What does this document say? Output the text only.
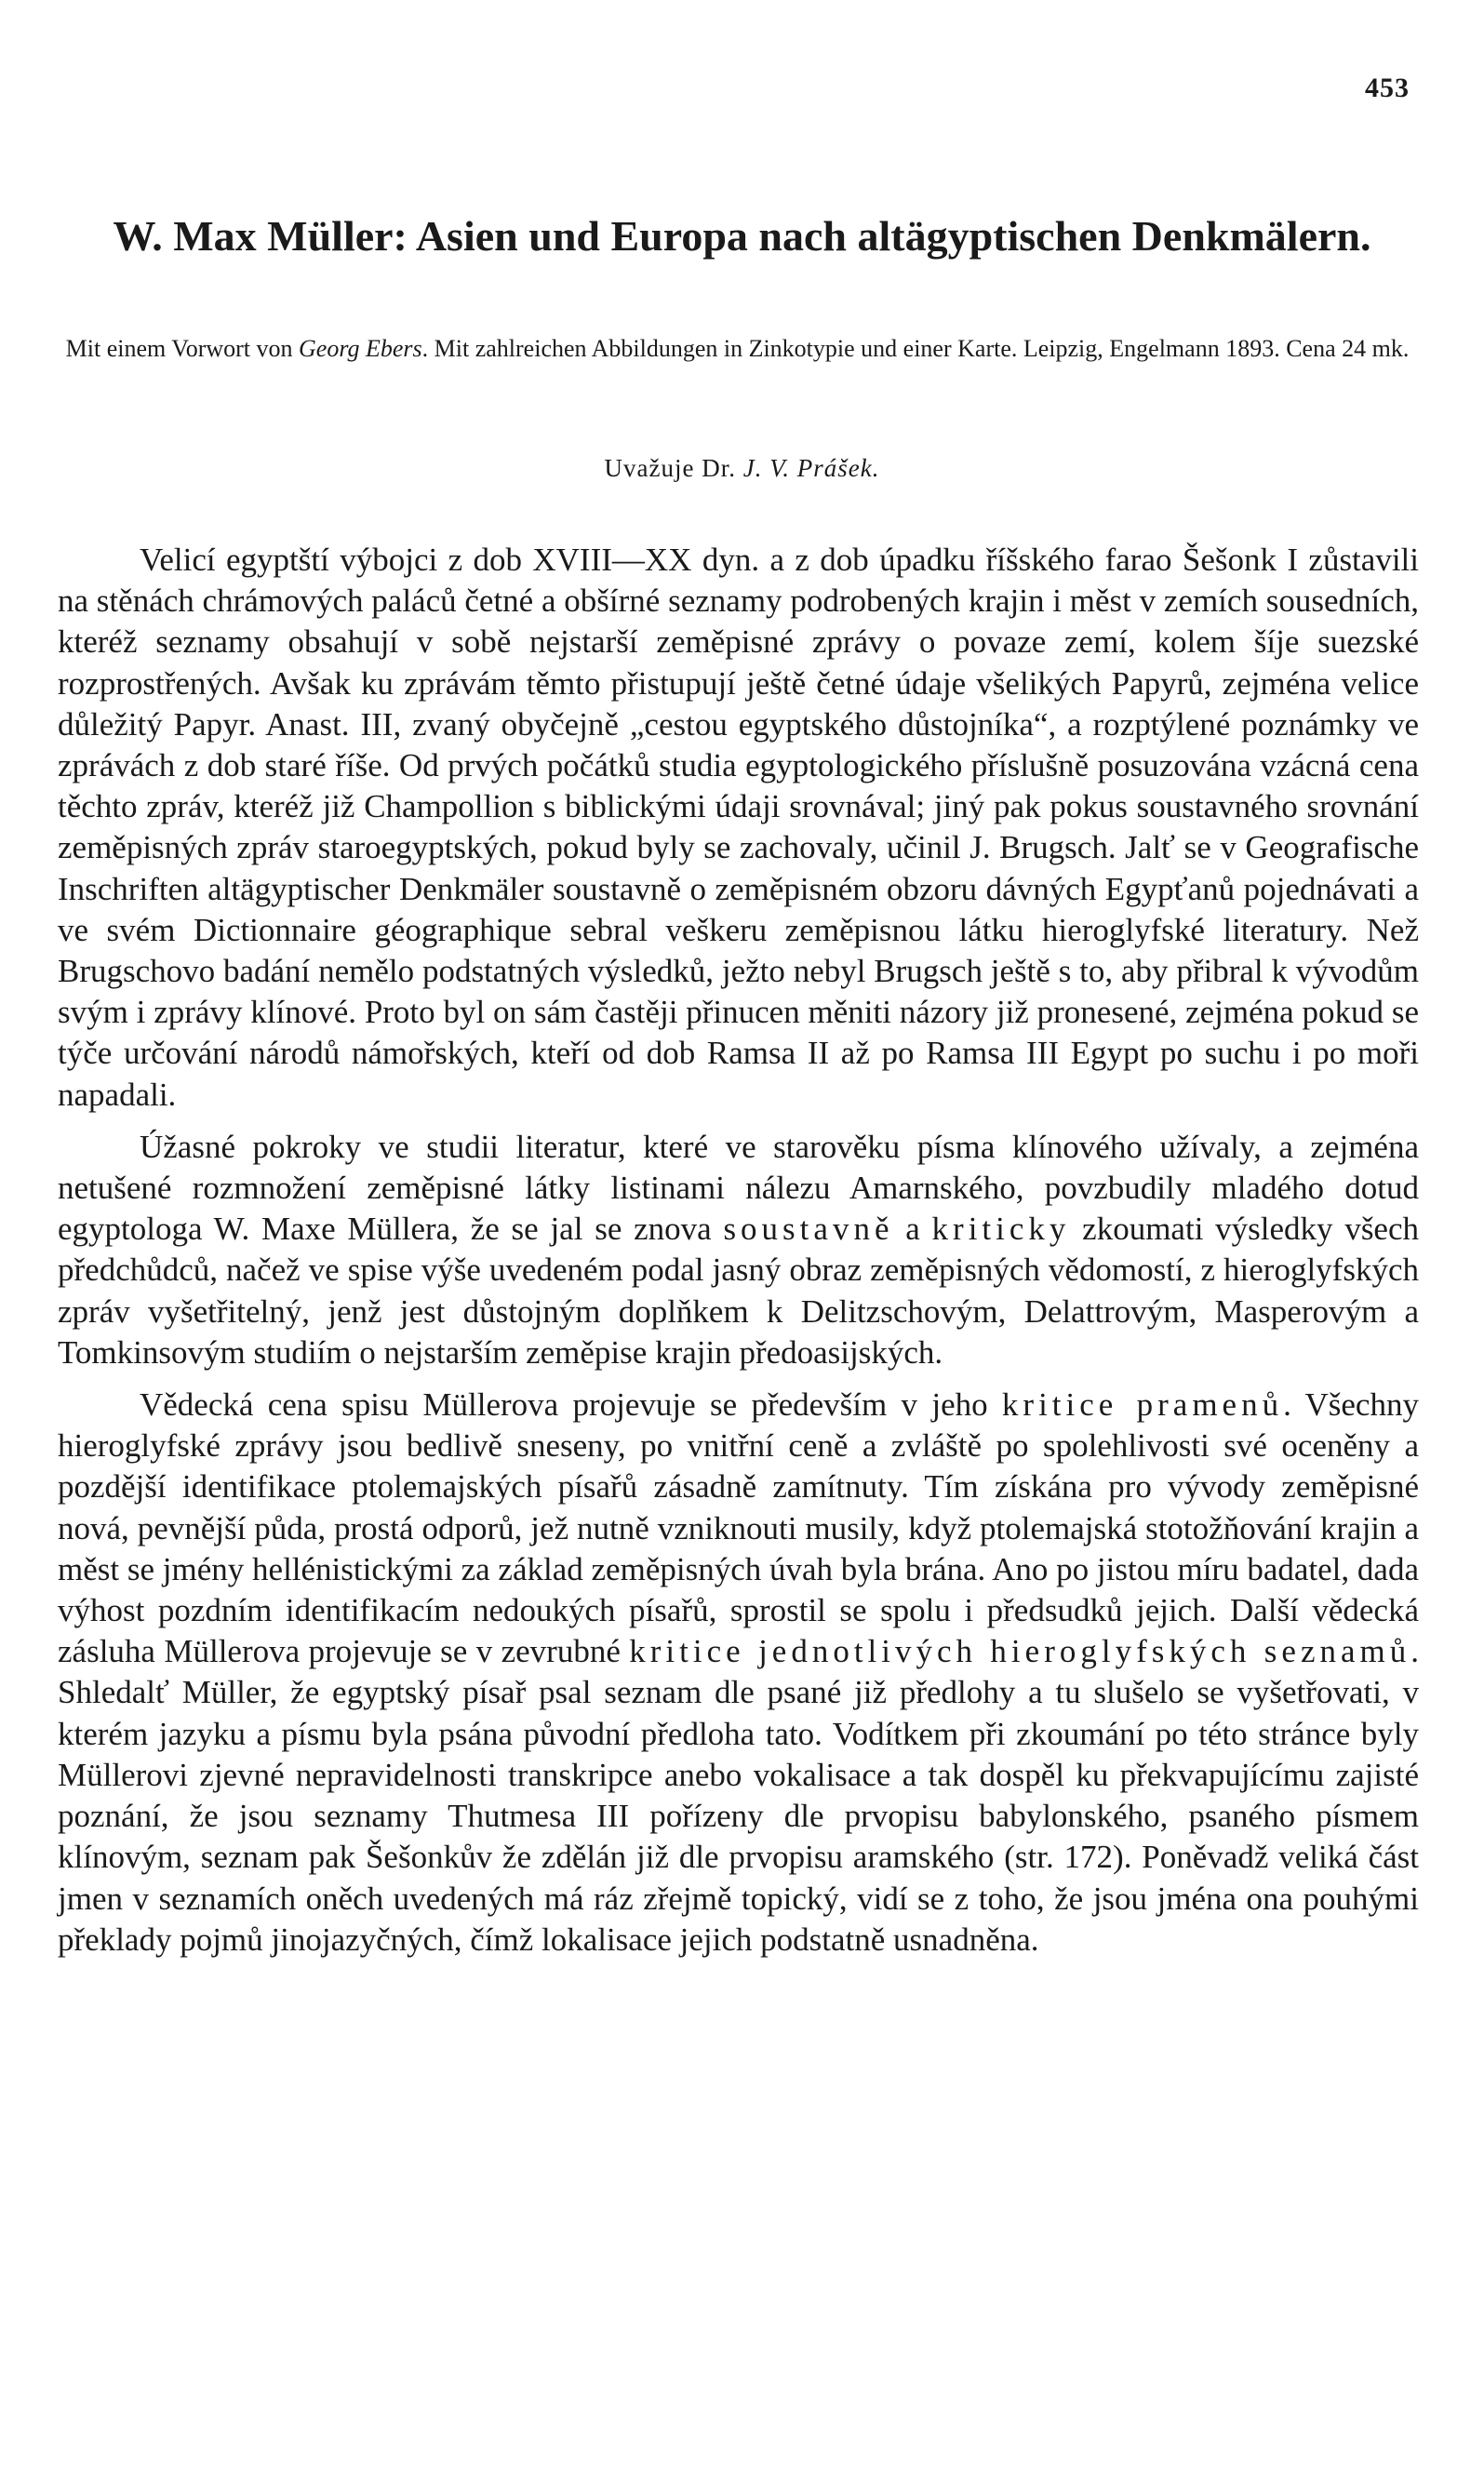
453
W. Max Müller: Asien und Europa nach altägyptischen Denkmälern.
Mit einem Vorwort von Georg Ebers. Mit zahlreichen Abbildungen in Zinkotypie und einer Karte. Leipzig, Engelmann 1893. Cena 24 mk.
Uvažuje Dr. J. V. Prášek.

Velicí egyptští výbojci z dob XVIII—XX dyn. a z dob úpadku říšského farao Šešonk I zůstavili na stěnách chrámových paláců četné a obšírné seznamy podrobených krajin i měst v zemích sousedních, kteréž seznamy obsahují v sobě nejstarší zeměpisné zprávy o povaze zemí, kolem šíje suezské rozprostřených. Avšak ku zprávám těmto přistupují ještě četné údaje všelikých Papyrů, zejména velice důležitý Papyr. Anast. III, zvaný obyčejně „cestou egyptského důstojníka“, a rozptýlené poznámky ve zprávách z dob staré říše. Od prvých počátků studia egyptologického příslušně posuzována vzácná cena těchto zpráv, kteréž již Champollion s biblickými údaji srovnával; jiný pak pokus soustavného srovnání zeměpisných zpráv staroegyptských, pokud byly se zachovaly, učinil J. Brugsch. Jalť se v Geografische Inschriften altägyptischer Denkmäler soustavně o zeměpisném obzoru dávných Egypťanů pojednávati a ve svém Dictionnaire géographique sebral veškeru zeměpisnou látku hieroglyfské literatury. Než Brugschovo badání nemělo podstatných výsledků, ježto nebyl Brugsch ještě s to, aby přibral k vývodům svým i zprávy klínové. Proto byl on sám častěji přinucen měniti názory již pronesené, zejména pokud se týče určování národů námořských, kteří od dob Ramsa II až po Ramsa III Egypt po suchu i po moři napadali.

Úžasné pokroky ve studii literatur, které ve starověku písma klínového užívaly, a zejména netušené rozmnožení zeměpisné látky listinami nálezu Amarnského, povzbudily mladého dotud egyptologa W. Maxe Müllera, že se jal se znova soustavně a kriticky zkoumati výsledky všech předchůdců, načež ve spise výše uvedeném podal jasný obraz zeměpisných vědomostí, z hieroglyfských zpráv vyšetřitelný, jenž jest důstojným doplňkem k Delitzschovým, Delattrovým, Masperovým a Tomkinsovým studiím o nejstarším zeměpise krajin předoasijských.

Vědecká cena spisu Müllerova projevuje se především v jeho kritice pramenů. Všechny hieroglyfské zprávy jsou bedlivě sneseny, po vnitřní ceně a zvláště po spolehlivosti své oceněny a pozdější identifikace ptolemajských písařů zásadně zamítnuty. Tím získána pro vývody zeměpisné nová, pevnější půda, prostá odporů, jež nutně vzniknouti musily, když ptolemajská stotožňování krajin a měst se jmény hellénistickými za základ zeměpisných úvah byla brána. Ano po jistou míru badatel, dada výhost pozdním identifikacím nedoukých písařů, sprostil se spolu i předsudků jejich. Další vědecká zásluha Müllerova projevuje se v zevrubné kritice jednotlivých hieroglyfských seznamů. Shledalť Müller, že egyptský písař psal seznam dle psané již předlohy a tu slušelo se vyšetřovati, v kterém jazyku a písmu byla psána původní předloha tato. Vodítkem při zkoumání po této stránce byly Müllerovi zjevné nepravidelnosti transkripce anebo vokalisace a tak dospěl ku překvapujícímu zajisté poznání, že jsou seznamy Thutmesa III pořízeny dle prvopisu babylonského, psaného písmem klínovým, seznam pak Šešonkův že zdělán již dle prvopisu aramského (str. 172). Poněvadž veliká část jmen v seznamích oněch uvedených má ráz zřejmě topický, vidí se z toho, že jsou jména ona pouhými překlady pojmů jinojazyčných, čímž lokalisace jejich podstatně usnadněna.
